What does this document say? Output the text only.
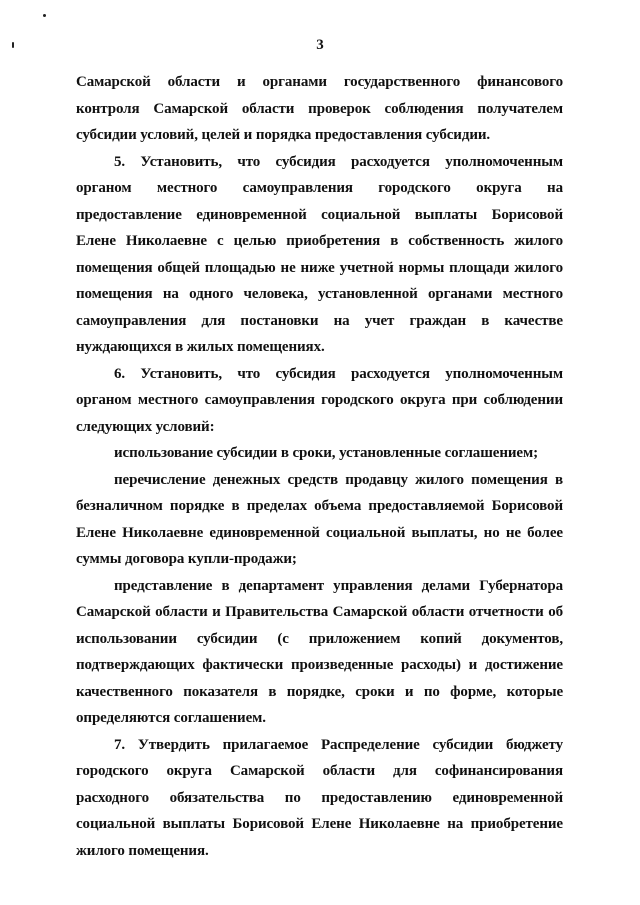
3

Самарской области и органами государственного финансового контроля Самарской области проверок соблюдения получателем субсидии условий, целей и порядка предоставления субсидии.

5. Установить, что субсидия расходуется уполномоченным органом местного самоуправления городского округа на предоставление единовременной социальной выплаты Борисовой Елене Николаевне с целью приобретения в собственность жилого помещения общей площадью не ниже учетной нормы площади жилого помещения на одного человека, установленной органами местного самоуправления для постановки на учет граждан в качестве нуждающихся в жилых помещениях.

6. Установить, что субсидия расходуется уполномоченным органом местного самоуправления городского округа при соблюдении следующих условий:

использование субсидии в сроки, установленные соглашением;

перечисление денежных средств продавцу жилого помещения в безналичном порядке в пределах объема предоставляемой Борисовой Елене Николаевне единовременной социальной выплаты, но не более суммы договора купли-продажи;

представление в департамент управления делами Губернатора Самарской области и Правительства Самарской области отчетности об использовании субсидии (с приложением копий документов, подтверждающих фактически произведенные расходы) и достижение качественного показателя в порядке, сроки и по форме, которые определяются соглашением.

7. Утвердить прилагаемое Распределение субсидии бюджету городского округа Самарской области для софинансирования расходного обязательства по предоставлению единовременной социальной выплаты Борисовой Елене Николаевне на приобретение жилого помещения.
